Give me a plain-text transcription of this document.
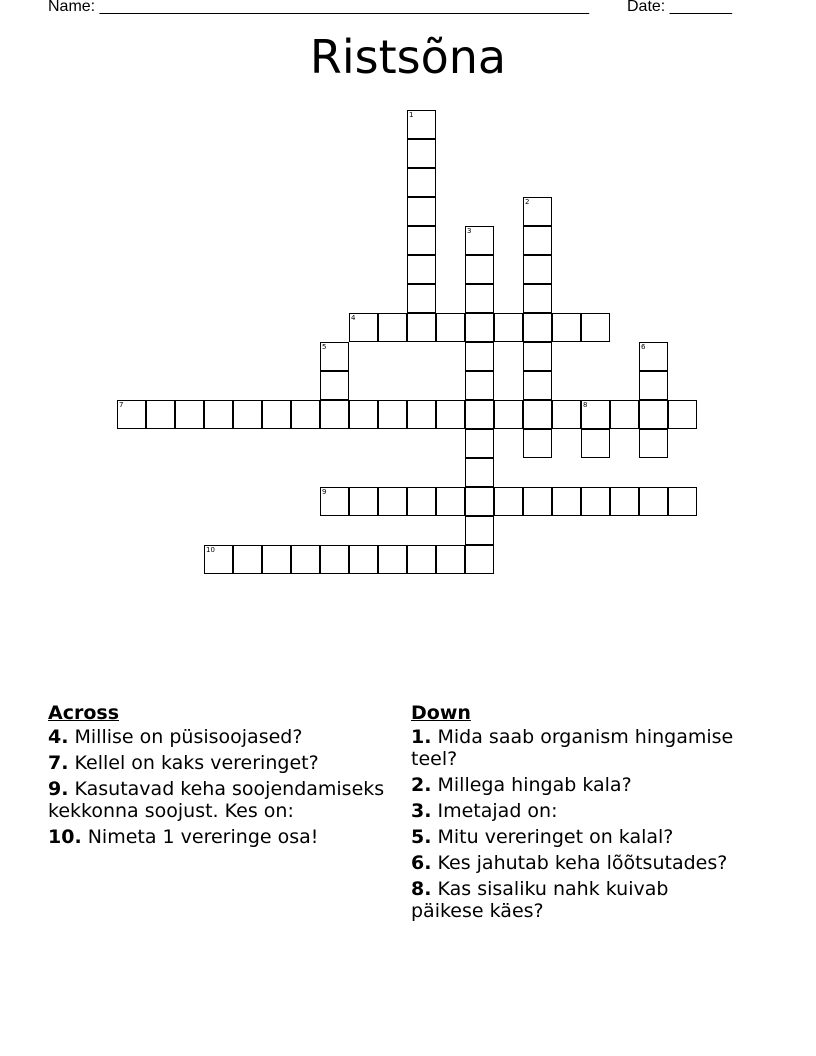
Name: _______________________________________________________ Date: _______
Ristsõna
1
2
3
4
5	6
7	8
9
10
Across
4. Millise on püsisoojased?
7. Kellel on kaks vereringet?
9. Kasutavad keha soojendamiseks kekkonna soojust. Kes on:
10. Nimeta 1 vereringe osa!
Down
1. Mida saab organism hingamise teel?
2. Millega hingab kala?
3. Imetajad on:
5. Mitu vereringet on kalal?
6. Kes jahutab keha lõõtsutades?
8. Kas sisaliku nahk kuivab päikese käes?
